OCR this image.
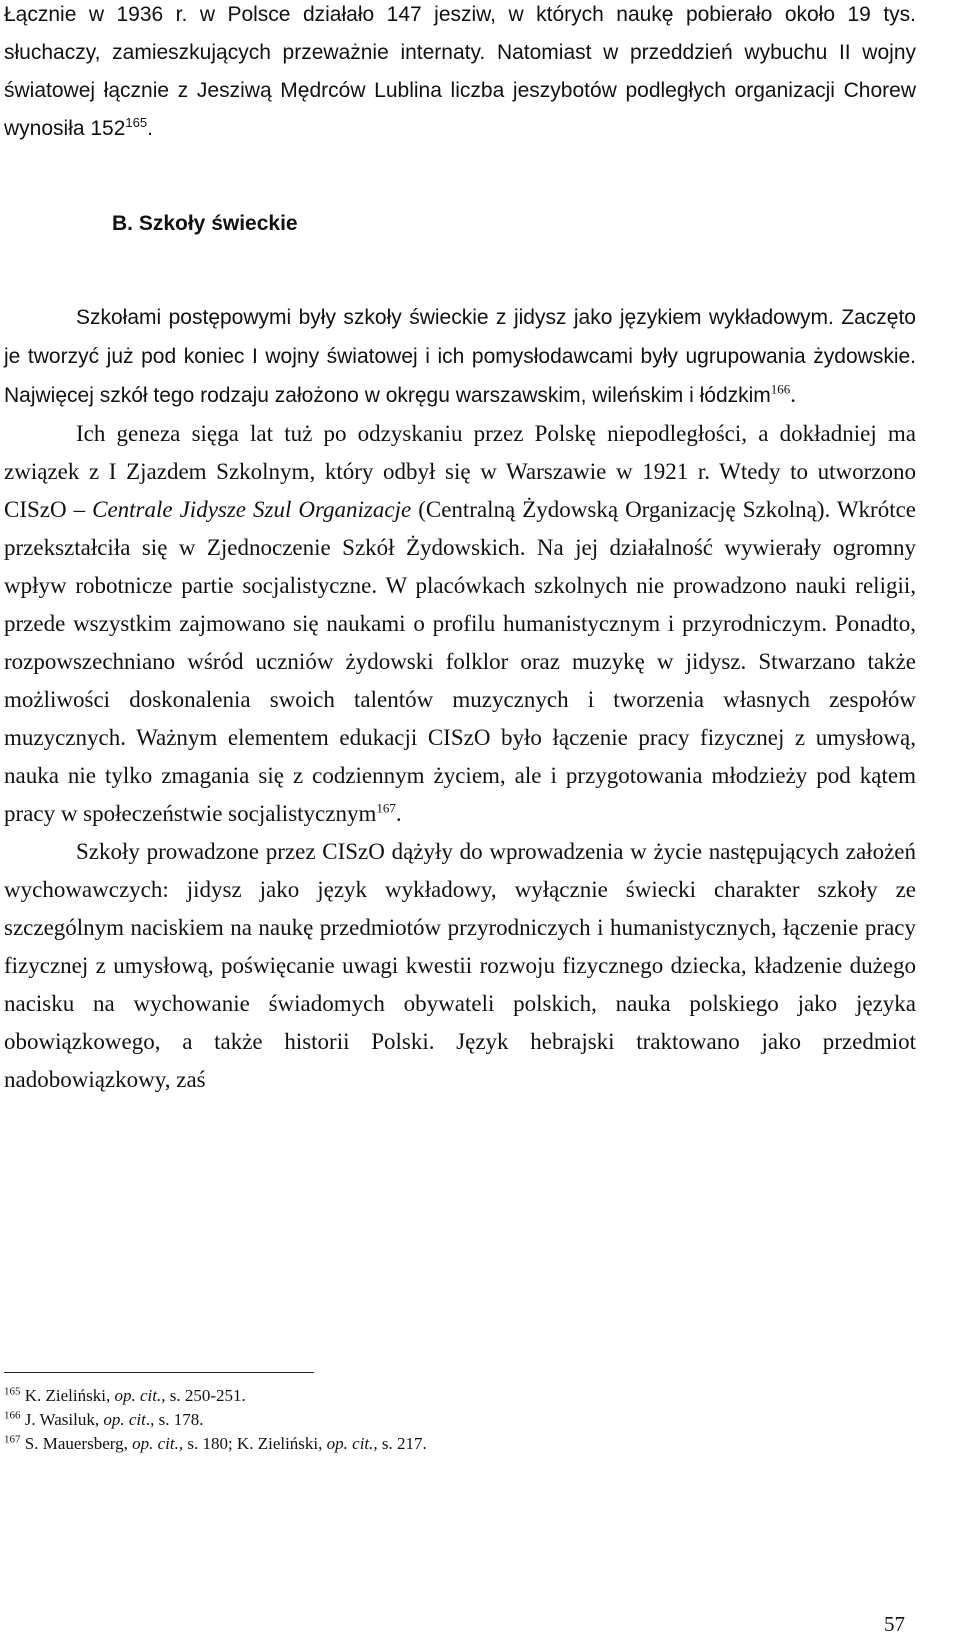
Łącznie w 1936 r. w Polsce działało 147 jesziw, w których naukę pobierało około 19 tys. słuchaczy, zamieszkujących przeważnie internaty. Natomiast w przeddzień wybuchu II wojny światowej łącznie z Jesziwą Mędrców Lublina liczba jeszybotów podległych organizacji Chorew wynosiła $152^{165}$.

B. Szkoły świeckie

Szkołami postępowymi były szkoły świeckie z jidysz jako językiem wykładowym. Zaczęto je tworzyć już pod koniec I wojny światowej i ich pomysłodawcami były ugrupowania żydowskie. Najwięcej szkół tego rodzaju założono w okręgu warszawskim, wileńskim i łódzkim$^{166}$.

Ich geneza sięga lat tuż po odzyskaniu przez Polskę niepodległości, a dokładniej ma związek z I Zjazdem Szkolnym, który odbył się w Warszawie w 1921 r. Wtedy to utworzono CISzO – Centrale Jidysze Szul Organizacje (Centralną Żydowską Organizację Szkolną). Wkrótce przekształciła się w Zjednoczenie Szkół Żydowskich. Na jej działalność wywierały ogromny wpływ robotnicze partie socjalistyczne. W placówkach szkolnych nie prowadzono nauki religii, przede wszystkim zajmowano się naukami o profilu humanistycznym i przyrodniczym. Ponadto, rozpowszechniano wśród uczniów żydowski folklor oraz muzykę w jidysz. Stwarzano także możliwości doskonalenia swoich talentów muzycznych i tworzenia własnych zespołów muzycznych. Ważnym elementem edukacji CISzO było łączenie pracy fizycznej z umysłową, nauka nie tylko zmagania się z codziennym życiem, ale i przygotowania młodzieży pod kątem pracy w społeczeństwie socjalistycznym$^{167}$.

Szkoły prowadzone przez CISzO dążyły do wprowadzenia w życie następujących założeń wychowawczych: jidysz jako język wykładowy, wyłącznie świecki charakter szkoły ze szczególnym naciskiem na naukę przedmiotów przyrodniczych i humanistycznych, łączenie pracy fizycznej z umysłową, poświęcanie uwagi kwestii rozwoju fizycznego dziecka, kładzenie dużego nacisku na wychowanie świadomych obywateli polskich, nauka polskiego jako języka obowiązkowego, a także historii Polski. Język hebrajski traktowano jako przedmiot nadobowiązkowy, zaś

$^{165}$ K. Zieliński, op. cit., s. 250-251.

$^{166}$ J. Wasiluk, op. cit., s. 178.

$^{167}$ S. Mauersberg, op. cit., s. 180; K. Zieliński, op. cit., s. 217.

57
